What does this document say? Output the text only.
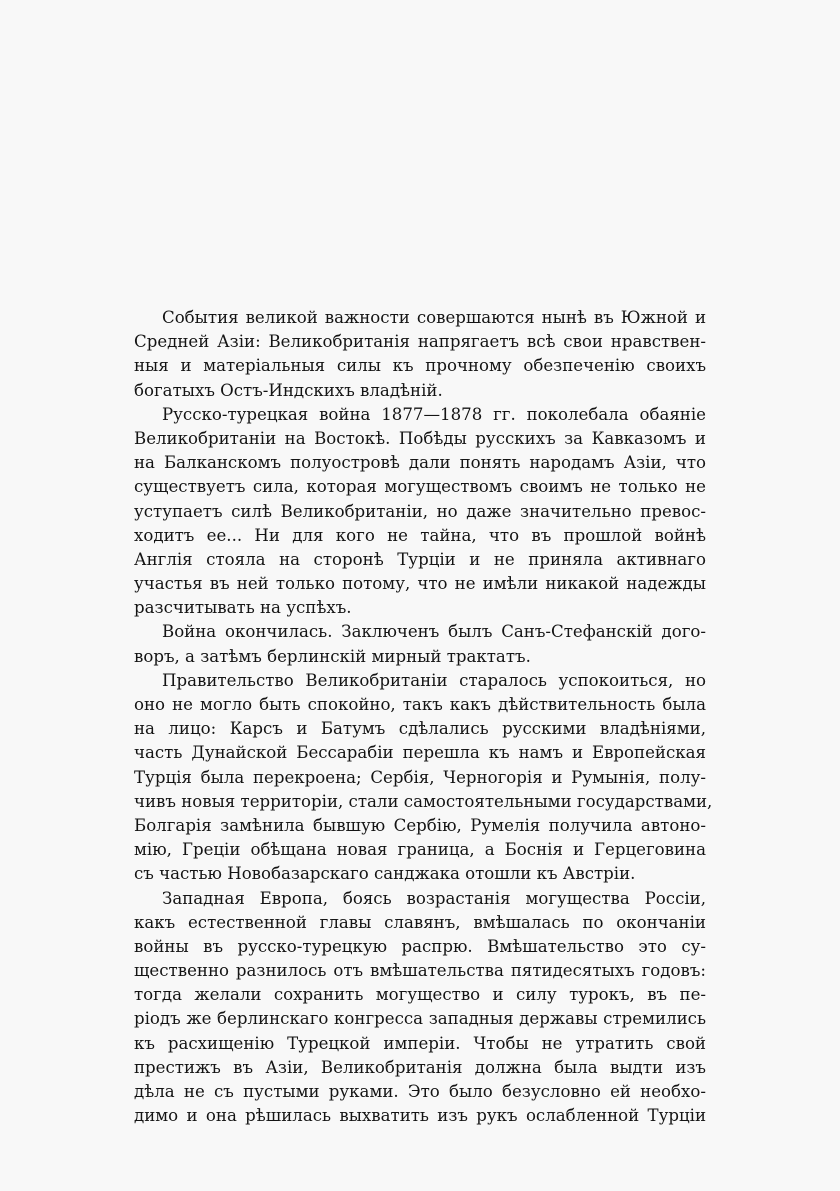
События великой важности совершаются нынѣ въ Южной и
Средней Азіи: Великобританія напрягаетъ всѣ свои нравствен-
ныя и матеріальныя силы къ прочному обезпеченію своихъ
богатыхъ Остъ-Индскихъ владѣній.
Русско-турецкая война 1877—1878 гг. поколебала обаяніе
Великобританіи на Востокѣ. Побѣды русскихъ за Кавказомъ и
на Балканскомъ полуостровѣ дали понять народамъ Азіи, что
существуетъ сила, которая могуществомъ своимъ не только не
уступаетъ силѣ Великобританіи, но даже значительно превос-
ходитъ ее... Ни для кого не тайна, что въ прошлой войнѣ
Англія стояла на сторонѣ Турціи и не приняла активнаго
участья въ ней только потому, что не имѣли никакой надежды
разсчитывать на успѣхъ.
Война окончилась. Заключенъ былъ Санъ-Стефанскій дого-
воръ, а затѣмъ берлинскій мирный трактатъ.
Правительство Великобританіи старалось успокоиться, но
оно не могло быть спокойно, такъ какъ дѣйствительность была
на лицо: Карсъ и Батумъ сдѣлались русскими владѣніями,
часть Дунайской Бессарабіи перешла къ намъ и Европейская
Турція была перекроена; Сербія, Черногорія и Румынія, полу-
чивъ новыя территоріи, стали самостоятельными государствами,
Болгарія замѣнила бывшую Сербію, Румелія получила автоно-
мію, Греціи обѣщана новая граница, а Боснія и Герцеговина
съ частью Новобазарскаго санджака отошли къ Австріи.
Западная Европа, боясь возрастанія могущества Россіи,
какъ естественной главы славянъ, вмѣшалась по окончаніи
войны въ русско-турецкую распрю. Вмѣшательство это су-
щественно разнилось отъ вмѣшательства пятидесятыхъ годовъ:
тогда желали сохранить могущество и силу турокъ, въ пе-
ріодъ же берлинскаго конгресса западныя державы стремились
къ расхищенію Турецкой имперіи. Чтобы не утратить свой
престижъ въ Азіи, Великобританія должна была выдти изъ
дѣла не съ пустыми руками. Это было безусловно ей необхо-
димо и она рѣшилась выхватить изъ рукъ ослабленной Турціи
